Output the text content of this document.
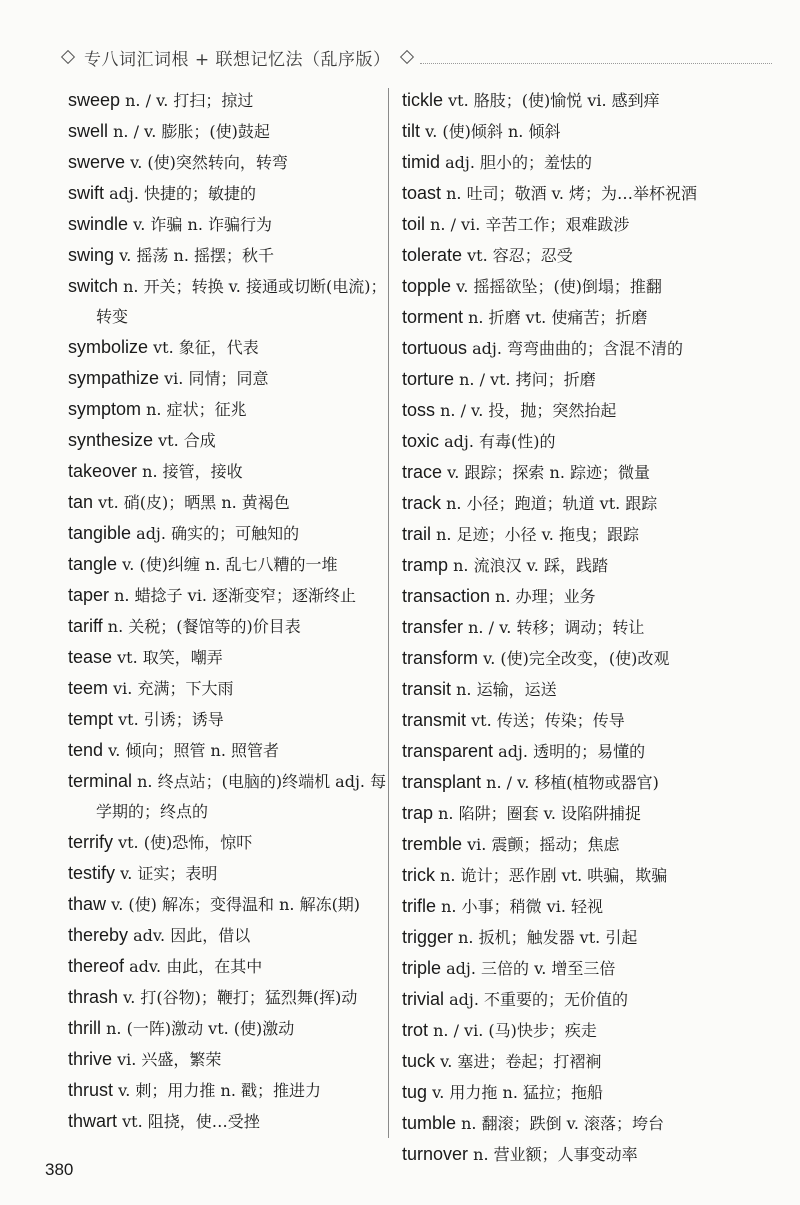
专八词汇词根 + 联想记忆法（乱序版）
sweep n. / v. 打扫；掠过
swell n. / v. 膨胀；(使)鼓起
swerve v. (使)突然转向，转弯
swift adj. 快捷的；敏捷的
swindle v. 诈骗 n. 诈骗行为
swing v. 摇荡 n. 摇摆；秋千
switch n. 开关；转换 v. 接通或切断(电流)；转变
symbolize vt. 象征，代表
sympathize vi. 同情；同意
symptom n. 症状；征兆
synthesize vt. 合成
takeover n. 接管，接收
tan vt. 硝(皮)；晒黑 n. 黄褐色
tangible adj. 确实的；可触知的
tangle v. (使)纠缠 n. 乱七八糟的一堆
taper n. 蜡捻子 vi. 逐渐变窄；逐渐终止
tariff n. 关税；(餐馆等的)价目表
tease vt. 取笑，嘲弄
teem vi. 充满；下大雨
tempt vt. 引诱；诱导
tend v. 倾向；照管 n. 照管者
terminal n. 终点站；(电脑的)终端机 adj. 每学期的；终点的
terrify vt. (使)恐怖，惊吓
testify v. 证实；表明
thaw v. (使) 解冻；变得温和 n. 解冻(期)
thereby adv. 因此，借以
thereof adv. 由此，在其中
thrash v. 打(谷物)；鞭打；猛烈舞(挥)动
thrill n. (一阵)激动 vt. (使)激动
thrive vi. 兴盛，繁荣
thrust v. 刺；用力推 n. 戳；推进力
thwart vt. 阻挠，使…受挫
tickle vt. 胳肢；(使)愉悦 vi. 感到痒
tilt v. (使)倾斜 n. 倾斜
timid adj. 胆小的；羞怯的
toast n. 吐司；敬酒 v. 烤；为…举杯祝酒
toil n. / vi. 辛苦工作；艰难跋涉
tolerate vt. 容忍；忍受
topple v. 摇摇欲坠；(使)倒塌；推翻
torment n. 折磨 vt. 使痛苦；折磨
tortuous adj. 弯弯曲曲的；含混不清的
torture n. / vt. 拷问；折磨
toss n. / v. 投，抛；突然抬起
toxic adj. 有毒(性)的
trace v. 跟踪；探索 n. 踪迹；微量
track n. 小径；跑道；轨道 vt. 跟踪
trail n. 足迹；小径 v. 拖曳；跟踪
tramp n. 流浪汉 v. 踩，践踏
transaction n. 办理；业务
transfer n. / v. 转移；调动；转让
transform v. (使)完全改变，(使)改观
transit n. 运输，运送
transmit vt. 传送；传染；传导
transparent adj. 透明的；易懂的
transplant n. / v. 移植(植物或器官)
trap n. 陷阱；圈套 v. 设陷阱捕捉
tremble vi. 震颤；摇动；焦虑
trick n. 诡计；恶作剧 vt. 哄骗，欺骗
trifle n. 小事；稍微 vi. 轻视
trigger n. 扳机；触发器 vt. 引起
triple adj. 三倍的 v. 增至三倍
trivial adj. 不重要的；无价值的
trot n. / vi. (马)快步；疾走
tuck v. 塞进；卷起；打褶裥
tug v. 用力拖 n. 猛拉；拖船
tumble n. 翻滚；跌倒 v. 滚落；垮台
turnover n. 营业额；人事变动率
380
